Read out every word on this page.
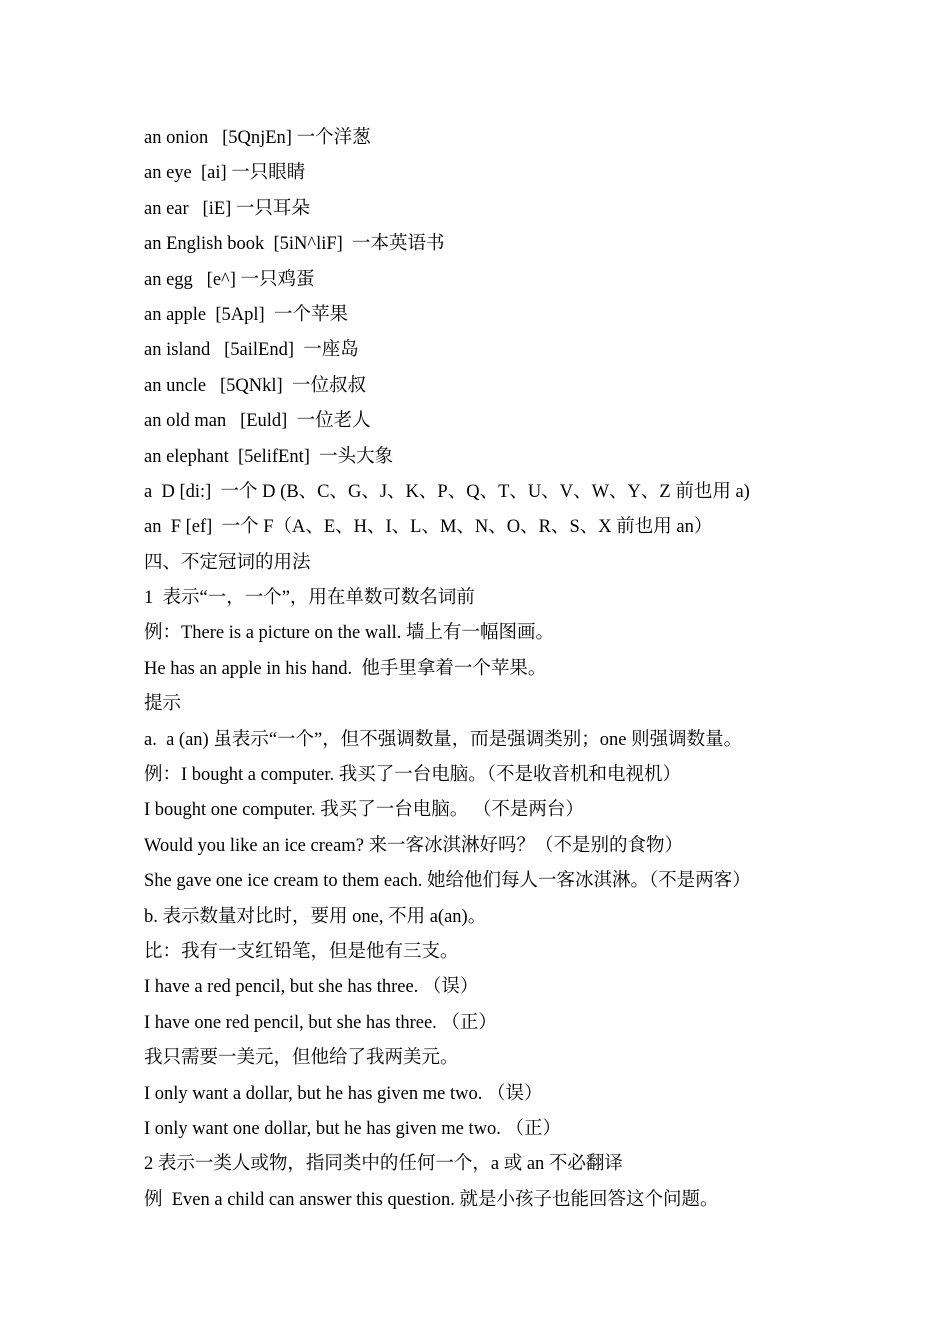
an onion   [5QnjEn] 一个洋葱
an eye  [ai] 一只眼睛
an ear   [iE] 一只耳朵
an English book  [5iN^liF]  一本英语书
an egg   [e^] 一只鸡蛋
an apple  [5Apl]  一个苹果
an island   [5ailEnd]  一座岛
an uncle   [5QNkl]  一位叔叔
an old man   [Euld]  一位老人
an elephant  [5elifEnt]  一头大象
a  D [di:]  一个 D (B、C、G、J、K、P、Q、T、U、V、W、Y、Z 前也用 a)
an  F [ef]  一个 F（A、E、H、I、L、M、N、O、R、S、X 前也用 an）
四、不定冠词的用法
1  表示“一，一个”，用在单数可数名词前
例：There is a picture on the wall. 墙上有一幅图画。
He has an apple in his hand.  他手里拿着一个苹果。
提示
a.  a (an) 虽表示“一个”，但不强调数量，而是强调类别；one 则强调数量。
例：I bought a computer. 我买了一台电脑。（不是收音机和电视机）
I bought one computer. 我买了一台电脑。 （不是两台）
Would you like an ice cream? 来一客冰淇淋好吗？（不是别的食物）
She gave one ice cream to them each. 她给他们每人一客冰淇淋。（不是两客）
b. 表示数量对比时，要用 one, 不用 a(an)。
比：我有一支红铅笔，但是他有三支。
I have a red pencil, but she has three. （误）
I have one red pencil, but she has three. （正）
我只需要一美元，但他给了我两美元。
I only want a dollar, but he has given me two. （误）
I only want one dollar, but he has given me two. （正）
2 表示一类人或物，指同类中的任何一个，a 或 an 不必翻译
例  Even a child can answer this question. 就是小孩子也能回答这个问题。
